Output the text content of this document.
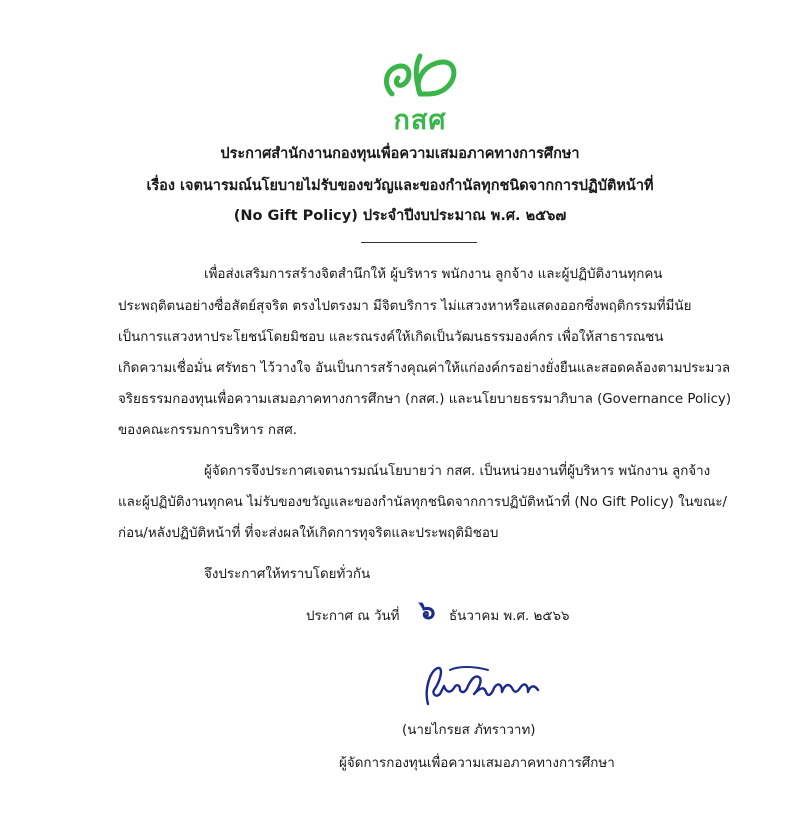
กสศ
ประกาศสำนักงานกองทุนเพื่อความเสมอภาคทางการศึกษา
เรื่อง เจตนารมณ์นโยบายไม่รับของขวัญและของกำนัลทุกชนิดจากการปฏิบัติหน้าที่
(No Gift Policy) ประจำปีงบประมาณ พ.ศ. ๒๕๖๗
เพื่อส่งเสริมการสร้างจิตสำนึกให้ ผู้บริหาร พนักงาน ลูกจ้าง และผู้ปฏิบัติงานทุกคน
ประพฤติตนอย่างซื่อสัตย์สุจริต ตรงไปตรงมา มีจิตบริการ ไม่แสวงหาหรือแสดงออกซึ่งพฤติกรรมที่มีนัย
เป็นการแสวงหาประโยชน์โดยมิชอบ และรณรงค์ให้เกิดเป็นวัฒนธรรมองค์กร เพื่อให้สาธารณชน
เกิดความเชื่อมั่น ศรัทธา ไว้วางใจ อันเป็นการสร้างคุณค่าให้แก่องค์กรอย่างยั่งยืนและสอดคล้องตามประมวล
จริยธรรมกองทุนเพื่อความเสมอภาคทางการศึกษา (กสศ.) และนโยบายธรรมาภิบาล (Governance Policy)
ของคณะกรรมการบริหาร กสศ.
ผู้จัดการจึงประกาศเจตนารมณ์นโยบายว่า กสศ. เป็นหน่วยงานที่ผู้บริหาร พนักงาน ลูกจ้าง
และผู้ปฏิบัติงานทุกคน ไม่รับของขวัญและของกำนัลทุกชนิดจากการปฏิบัติหน้าที่ (No Gift Policy) ในขณะ/
ก่อน/หลังปฏิบัติหน้าที่ ที่จะส่งผลให้เกิดการทุจริตและประพฤติมิชอบ
จึงประกาศให้ทราบโดยทั่วกัน
ประกาศ ณ วันที่ ๖ ธันวาคม พ.ศ. ๒๕๖๖
(นายไกรยส ภัทราวาท)
ผู้จัดการกองทุนเพื่อความเสมอภาคทางการศึกษา
